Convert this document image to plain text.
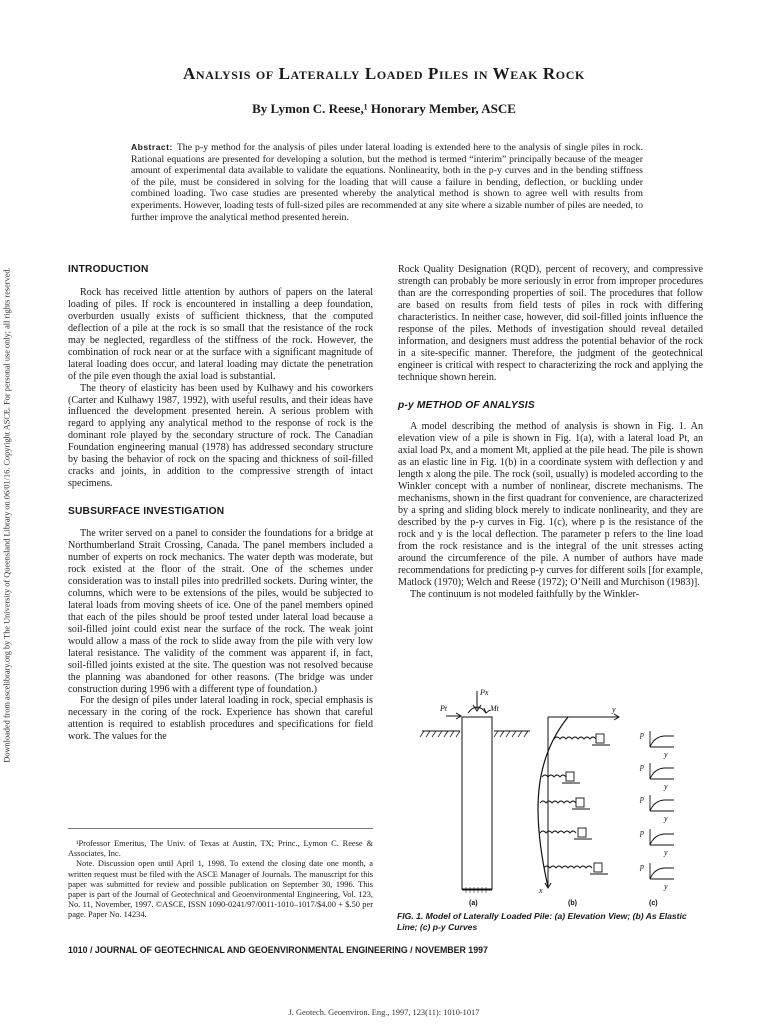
Downloaded from ascelibrary.org by The University of Queensland Library on 06/01/16. Copyright ASCE. For personal use only; all rights reserved.
Analysis of Laterally Loaded Piles in Weak Rock
By Lymon C. Reese,¹ Honorary Member, ASCE
Abstract: The p-y method for the analysis of piles under lateral loading is extended here to the analysis of single piles in rock. Rational equations are presented for developing a solution, but the method is termed “interim” principally because of the meager amount of experimental data available to validate the equations. Nonlinearity, both in the p-y curves and in the bending stiffness of the pile, must be considered in solving for the loading that will cause a failure in bending, deflection, or buckling under combined loading. Two case studies are presented whereby the analytical method is shown to agree well with results from experiments. However, loading tests of full-sized piles are recommended at any site where a sizable number of piles are needed, to further improve the analytical method presented herein.
INTRODUCTION

Rock has received little attention by authors of papers on the lateral loading of piles. If rock is encountered in installing a deep foundation, overburden usually exists of sufficient thickness, that the computed deflection of a pile at the rock is so small that the resistance of the rock may be neglected, regardless of the stiffness of the rock. However, the combination of rock near or at the surface with a significant magnitude of lateral loading does occur, and lateral loading may dictate the penetration of the pile even though the axial load is substantial.

The theory of elasticity has been used by Kulhawy and his coworkers (Carter and Kulhawy 1987, 1992), with useful results, and their ideas have influenced the development presented herein. A serious problem with regard to applying any analytical method to the response of rock is the dominant role played by the secondary structure of rock. The Canadian Foundation engineering manual (1978) has addressed secondary structure by basing the behavior of rock on the spacing and thickness of soil-filled cracks and joints, in addition to the compressive strength of intact specimens.

SUBSURFACE INVESTIGATION

The writer served on a panel to consider the foundations for a bridge at Northumberland Strait Crossing, Canada. The panel members included a number of experts on rock mechanics. The water depth was moderate, but rock existed at the floor of the strait. One of the schemes under consideration was to install piles into predrilled sockets. During winter, the columns, which were to be extensions of the piles, would be subjected to lateral loads from moving sheets of ice. One of the panel members opined that each of the piles should be proof tested under lateral load because a soil-filled joint could exist near the surface of the rock. The weak joint would allow a mass of the rock to slide away from the pile with very low lateral resistance. The validity of the comment was apparent if, in fact, soil-filled joints existed at the site. The question was not resolved because the planning was abandoned for other reasons. (The bridge was under construction during 1996 with a different type of foundation.)

For the design of piles under lateral loading in rock, special emphasis is necessary in the coring of the rock. Experience has shown that careful attention is required to establish procedures and specifications for field work. The values for the

Rock Quality Designation (RQD), percent of recovery, and compressive strength can probably be more seriously in error from improper procedures than are the corresponding properties of soil. The procedures that follow are based on results from field tests of piles in rock with differing characteristics. In neither case, however, did soil-filled joints influence the response of the piles. Methods of investigation should reveal detailed information, and designers must address the potential behavior of the rock in a site-specific manner. Therefore, the judgment of the geotechnical engineer is critical with respect to characterizing the rock and applying the technique shown herein.

p-y METHOD OF ANALYSIS

A model describing the method of analysis is shown in Fig. 1. An elevation view of a pile is shown in Fig. 1(a), with a lateral load Pt, an axial load Px, and a moment Mt, applied at the pile head. The pile is shown as an elastic line in Fig. 1(b) in a coordinate system with deflection y and length x along the pile. The rock (soil, usually) is modeled according to the Winkler concept with a number of nonlinear, discrete mechanisms. The mechanisms, shown in the first quadrant for convenience, are characterized by a spring and sliding block merely to indicate nonlinearity, and they are described by the p-y curves in Fig. 1(c), where p is the resistance of the rock and y is the local deflection. The parameter p refers to the line load from the rock resistance and is the integral of the unit stresses acting around the circumference of the pile. A number of authors have made recommendations for predicting p-y curves for different soils [for example, Matlock (1970); Welch and Reese (1972); O’Neill and Murchison (1983)].

The continuum is not modeled faithfully by the Winkler-

Px
Pt	Mt	y
x
p
p
p
p
p
y
y
y
y
y
(a)	(b)	(c)
FIG. 1. Model of Laterally Loaded Pile: (a) Elevation View; (b) As Elastic Line; (c) p-y Curves

¹Professor Emeritus, The Univ. of Texas at Austin, TX; Princ., Lymon C. Reese & Associates, Inc.

Note. Discussion open until April 1, 1998. To extend the closing date one month, a written request must be filed with the ASCE Manager of Journals. The manuscript for this paper was submitted for review and possible publication on September 30, 1996. This paper is part of the Journal of Geotechnical and Geoenvironmental Engineering, Vol. 123, No. 11, November, 1997. ©ASCE, ISSN 1090-0241/97/0011-1010–1017/$4.00 + $.50 per page. Paper No. 14234.

1010 / JOURNAL OF GEOTECHNICAL AND GEOENVIRONMENTAL ENGINEERING / NOVEMBER 1997
J. Geotech. Geoenviron. Eng., 1997, 123(11): 1010-1017
